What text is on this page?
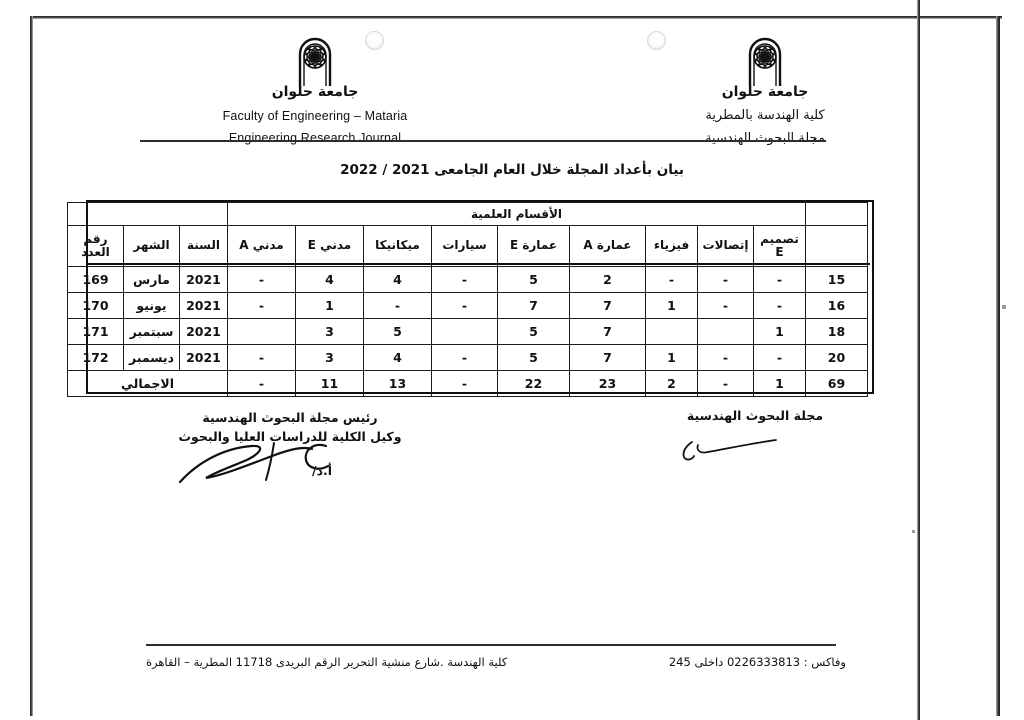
جامعة حلوان
Faculty of Engineering – Mataria
Engineering Research Journal
جامعة حلوان
كلية الهندسة بالمطرية
مجلة البحوث الهندسية
بيان بأعداد المجلة خلال العام الجامعى 2021 / 2022
	الأقسام العلمية											
	تصميم E	إتصالات	فيزياء	عمارة A	عمارة E	سيارات	ميكانيكا	مدني E	مدني A	السنة	الشهر	رقم العدد
15	-	-	-	2	5	-	4	4	-	2021	مارس	169
16	-	-	1	7	7	-	-	1	-	2021	يونيو	170
18	1			7	5		5	3		2021	سبتمبر	171
20	-	-	1	7	5	-	4	3	-	2021	ديسمبر	172
69	1	-	2	23	22	-	13	11	-	الاجمالي		
رئيس مجلة البحوث الهندسية
وكيل الكلية للدراسات العليا والبحوث
أ.د/
مجلة البحوث الهندسية
كلية الهندسة .شارع منشية التحرير الرقم البريدى 11718 المطرية – القاهرة	وفاكس : 0226333813 داخلى 245
